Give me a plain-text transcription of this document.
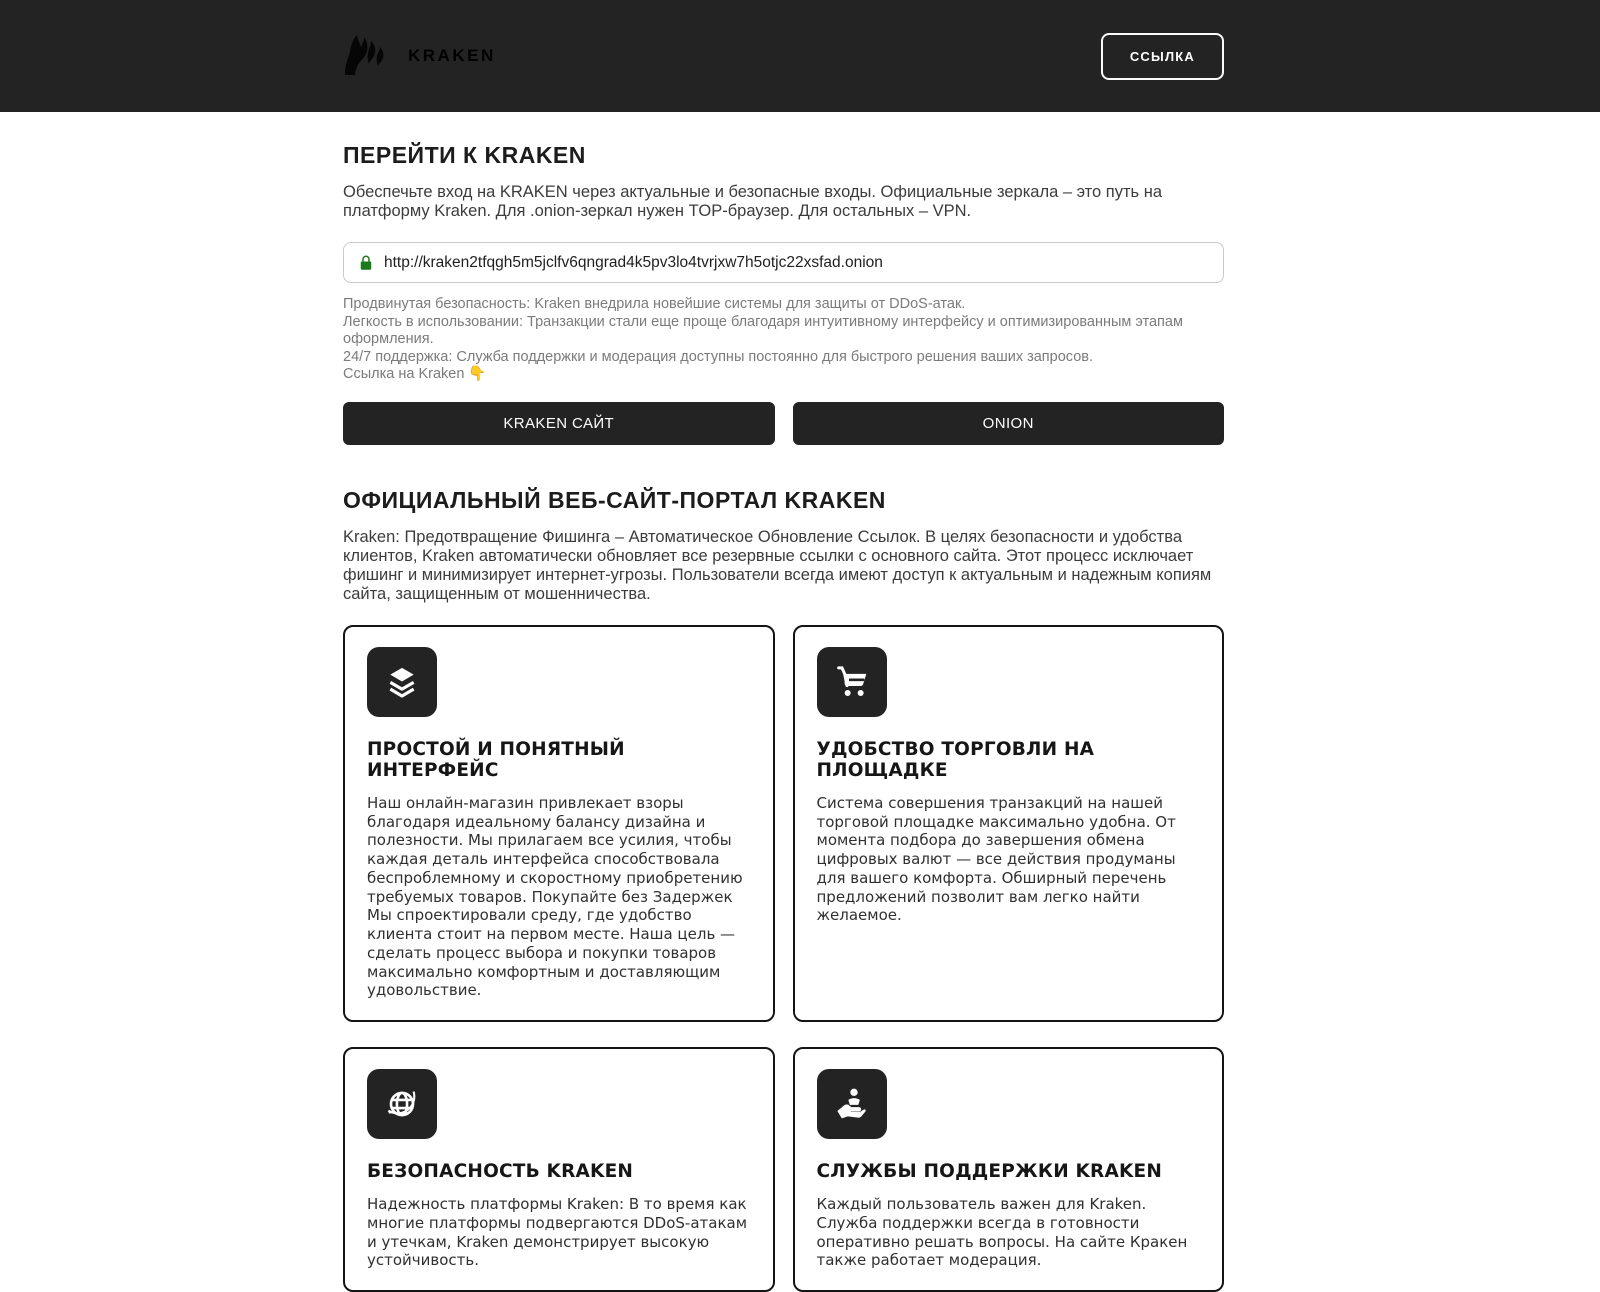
KRAKEN	ССЫЛКА
ПЕРЕЙТИ К KRAKEN

Обеспечьте вход на KRAKEN через актуальные и безопасные входы. Официальные зеркала – это путь на платформу Kraken. Для .onion-зеркал нужен TOP-браузер. Для остальных – VPN.

http://kraken2tfqgh5m5jclfv6qngrad4k5pv3lo4tvrjxw7h5otjc22xsfad.onion
Продвинутая безопасность: Kraken внедрила новейшие системы для защиты от DDoS-атак.
Легкость в использовании: Транзакции стали еще проще благодаря интуитивному интерфейсу и оптимизированным этапам оформления.
24/7 поддержка: Служба поддержки и модерация доступны постоянно для быстрого решения ваших запросов.
Ссылка на Kraken 👇
KRAKEN САЙТ	ONION
ОФИЦИАЛЬНЫЙ ВЕБ-САЙТ-ПОРТАЛ KRAKEN

Kraken: Предотвращение Фишинга – Автоматическое Обновление Ссылок. В целях безопасности и удобства клиентов, Kraken автоматически обновляет все резервные ссылки с основного сайта. Этот процесс исключает фишинг и минимизирует интернет-угрозы. Пользователи всегда имеют доступ к актуальным и надежным копиям сайта, защищенным от мошенничества.

ПРОСТОЙ И ПОНЯТНЫЙ ИНТЕРФЕЙС

Наш онлайн-магазин привлекает взоры благодаря идеальному балансу дизайна и полезности. Мы прилагаем все усилия, чтобы каждая деталь интерфейса способствовала беспроблемному и скоростному приобретению требуемых товаров. Покупайте без Задержек Мы спроектировали среду, где удобство клиента стоит на первом месте. Наша цель — сделать процесс выбора и покупки товаров максимально комфортным и доставляющим удовольствие.

УДОБСТВО ТОРГОВЛИ НА ПЛОЩАДКЕ

Система совершения транзакций на нашей торговой площадке максимально удобна. От момента подбора до завершения обмена цифровых валют — все действия продуманы для вашего комфорта. Обширный перечень предложений позволит вам легко найти желаемое.

БЕЗОПАСНОСТЬ KRAKEN

Надежность платформы Kraken: В то время как многие платформы подвергаются DDoS-атакам и утечкам, Kraken демонстрирует высокую устойчивость.

СЛУЖБЫ ПОДДЕРЖКИ KRAKEN

Каждый пользователь важен для Kraken. Служба поддержки всегда в готовности оперативно решать вопросы. На сайте Кракен также работает модерация.
